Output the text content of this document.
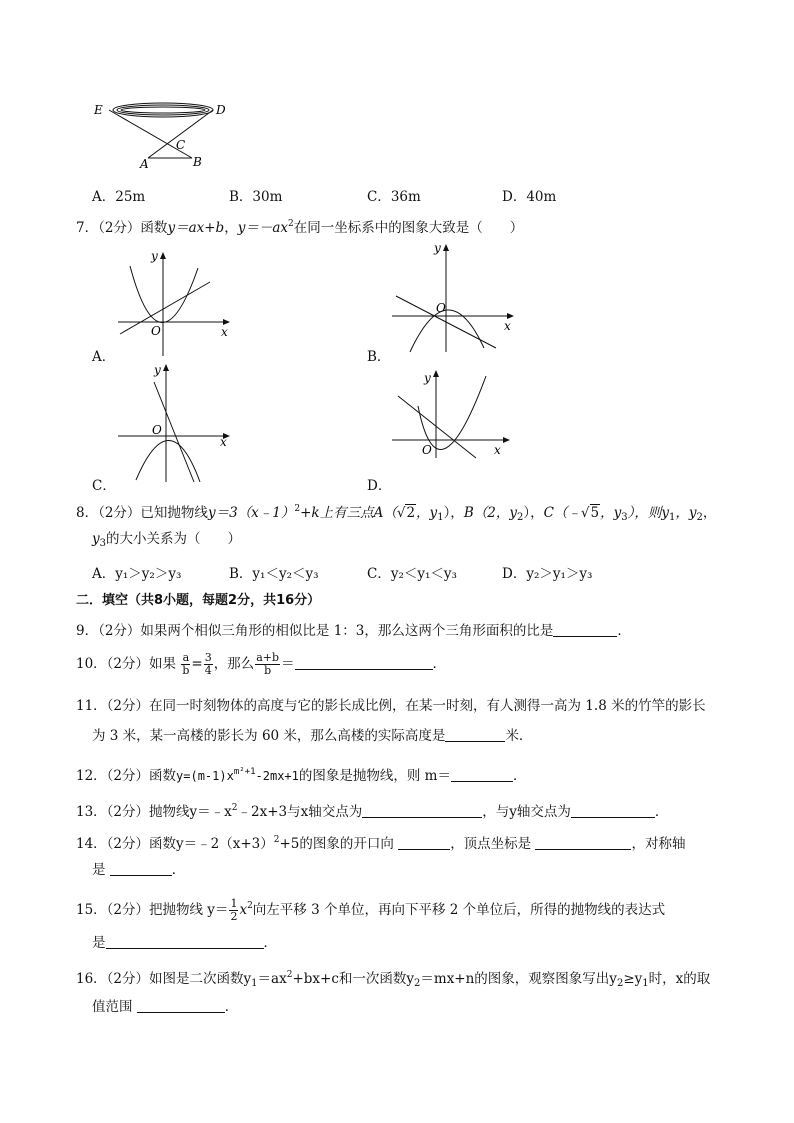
E	D
C
A	B
A．25m	B．30m	C．36m	D．40m
7．（2分）函数y＝ax+b，$y=-ax^2$在同一坐标系中的图象大致是（　　）
x
y
O
A．
x
y
O
B．
x
y
O
C．
x
y
O
D．
8．（2分）已知抛物线y＝3（x﹣1）$^2$+k上有三点A（√2，$y_1$），B（2，$y_2$），C（﹣√5，$y_3$），则$y_1$，$y_2$，
$y_3$的大小关系为（　　）
A．y₁＞y₂＞y₃	B．y₁＜y₂＜y₃	C．y₂＜y₁＜y₃	D．y₂＞y₁＞y₃
二．填空（共8小题，每题2分，共16分）
9．（2分）如果两个相似三角形的相似比是 1：3，那么这两个三角形面积的比是	．
10．（2分）如果 $\frac{a}{b} = \frac{3}{4}$ ，那么 $\frac{a+b}{b}$ ＝	．
11．（2分）在同一时刻物体的高度与它的影长成比例，在某一时刻，有人测得一高为 1.8 米的竹竿的影长
为 3 米，某一高楼的影长为 60 米，那么高楼的实际高度是	米．
12．（2分）函数$y=(m-1)x^{m^2+1}-2mx+1$的图象是抛物线，则 m＝	．
13．（2分）抛物线$y=﹣x^2﹣2x+3$与x轴交点为	，与y轴交点为	．
14．（2分）函数$y=﹣2(x+3)^2+5$的图象的开口向	，顶点坐标是	，对称轴
是	．
15．（2分）把抛物线 $y= \frac{1}{2} x^2$向左平移 3 个单位，再向下平移 2 个单位后，所得的抛物线的表达式
是	．
16．（2分）如图是二次函数$y_1=ax^2+bx+c$和一次函数$y_2=mx+n$的图象，观察图象写出$y_2\ge y_1$时，x的取
值范围	．
